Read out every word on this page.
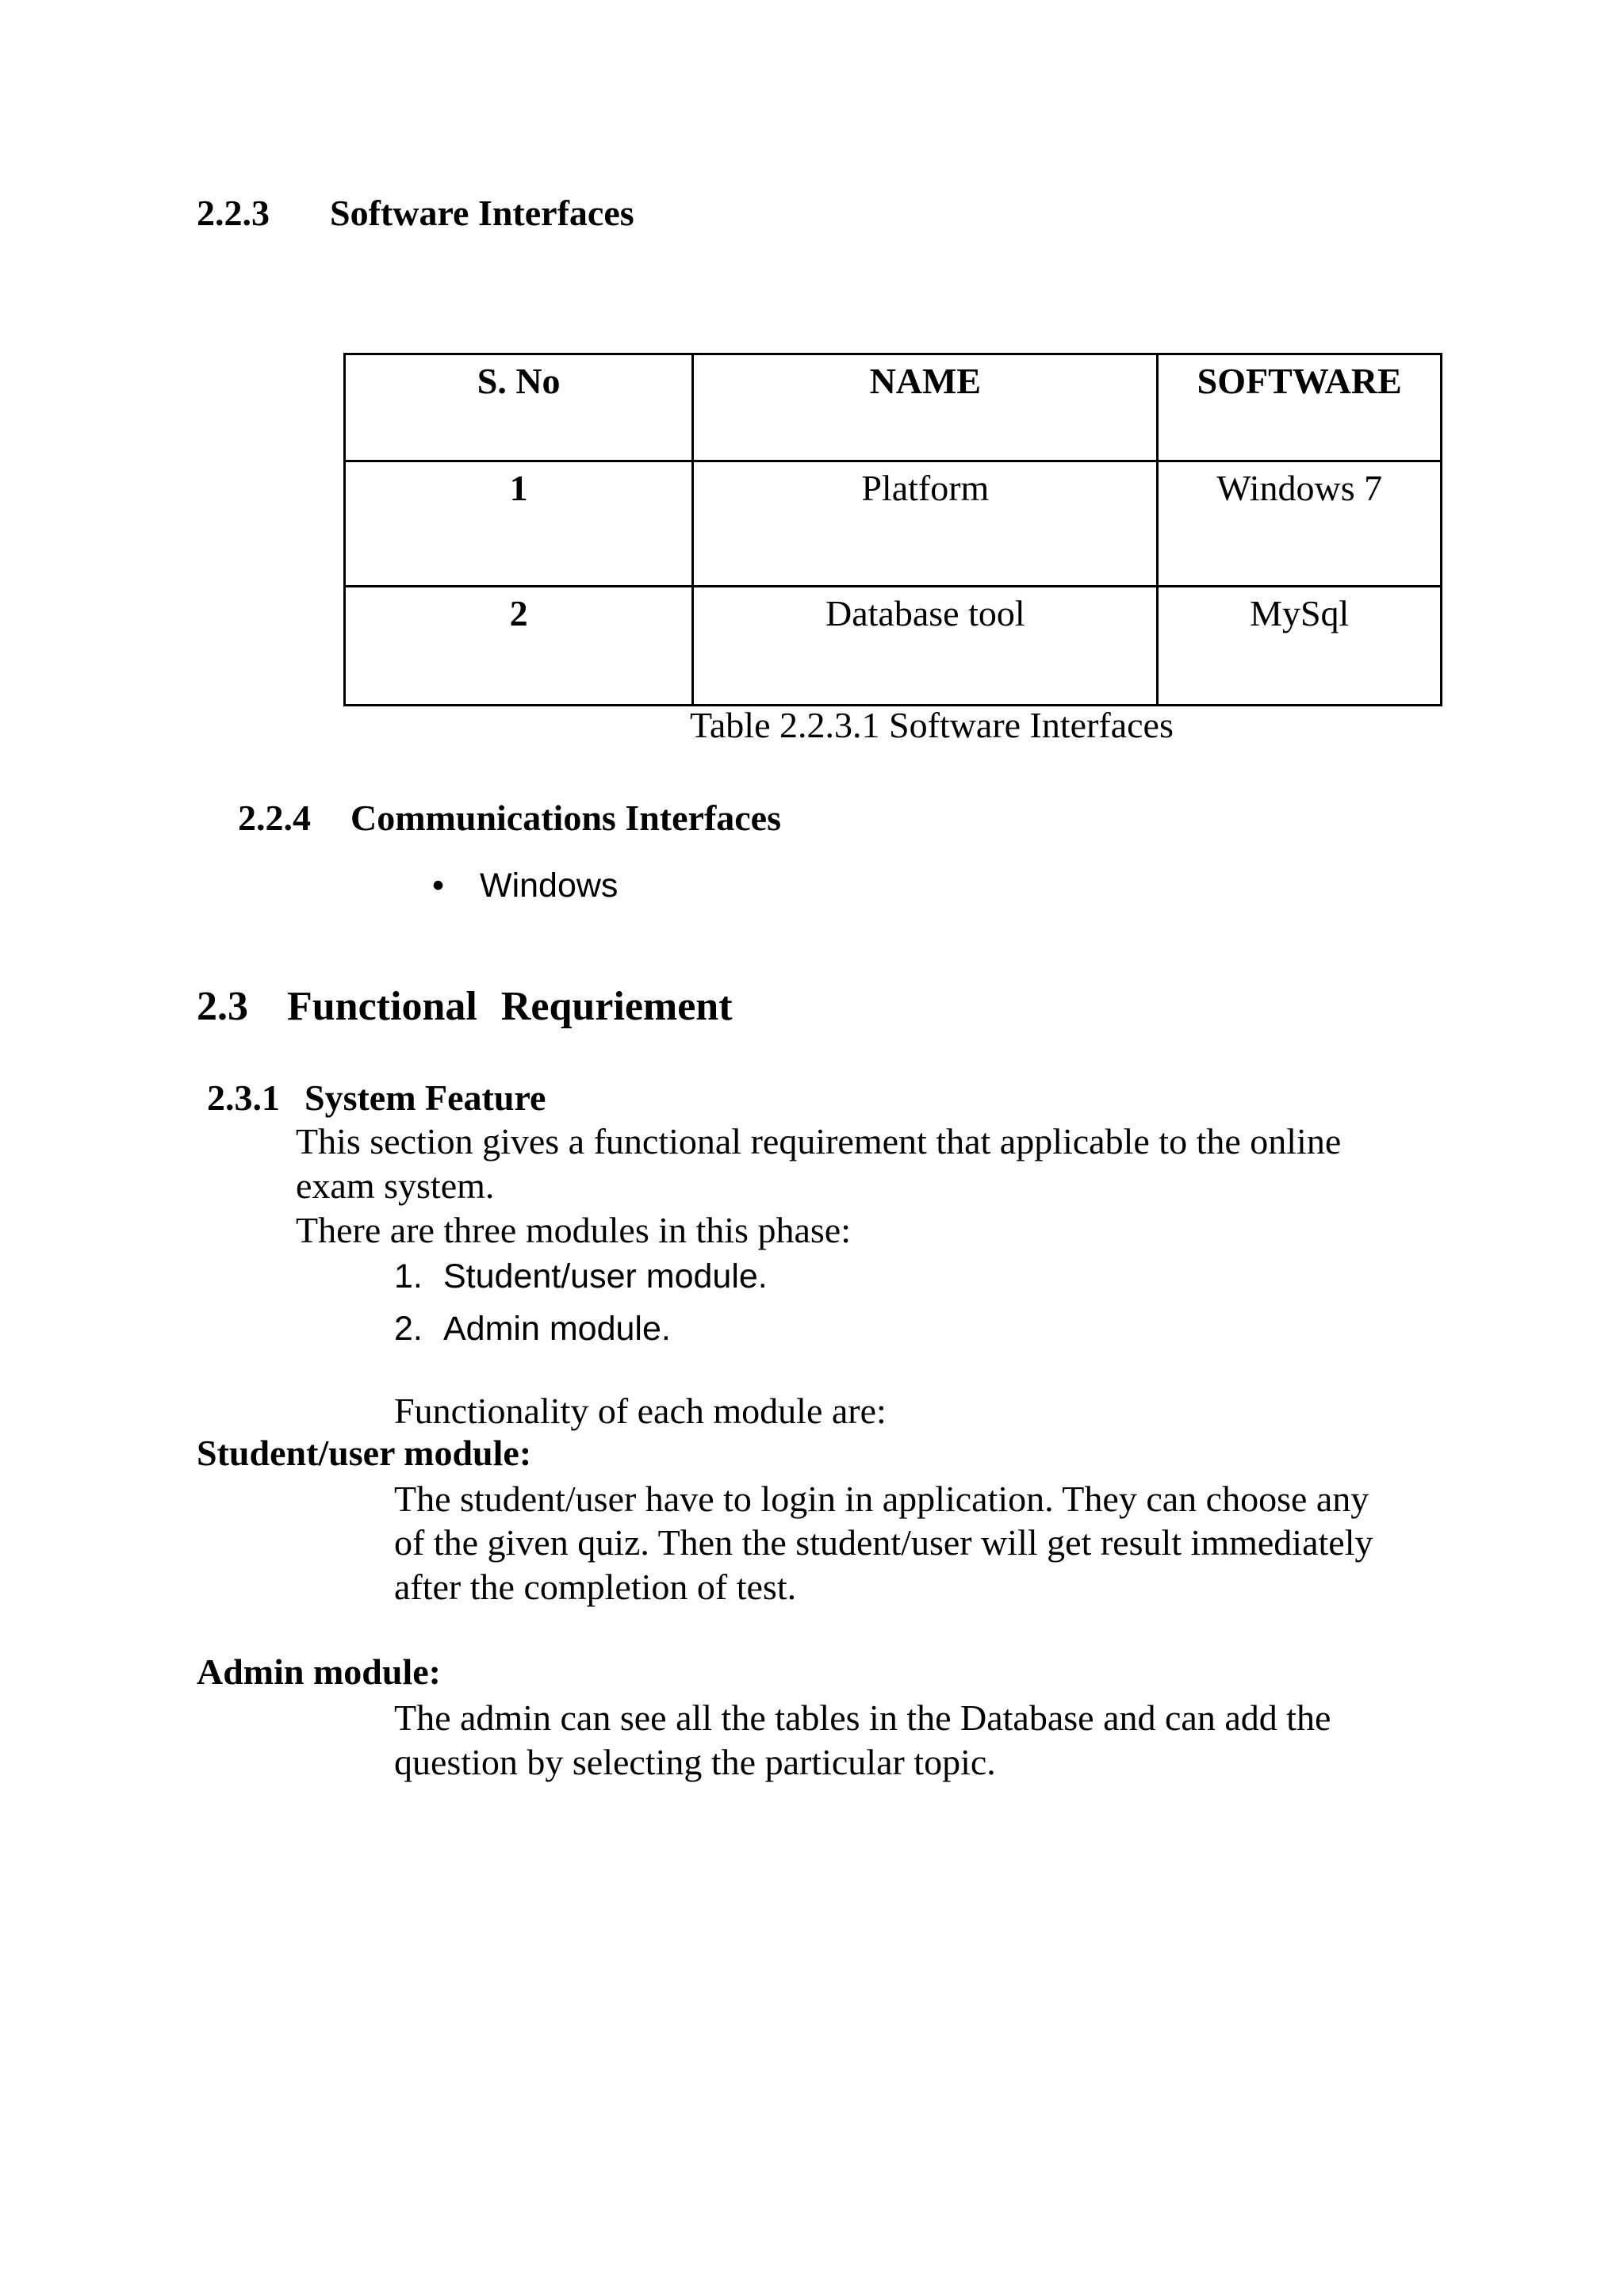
2.2.3 Software Interfaces
S. No	NAME	SOFTWARE
1	Platform	Windows 7
2	Database tool	MySql
Table 2.2.3.1 Software Interfaces
2.2.4 Communications Interfaces
• Windows
2.3 Functional Requriement
2.3.1 System Feature
This section gives a functional requirement that applicable to the online
exam system.
There are three modules in this phase:
1. Student/user module.
2. Admin module.
Functionality of each module are:
Student/user module:
The student/user have to login in application. They can choose any
of the given quiz. Then the student/user will get result immediately
after the completion of test.
Admin module:
The admin can see all the tables in the Database and can add the
question by selecting the particular topic.
